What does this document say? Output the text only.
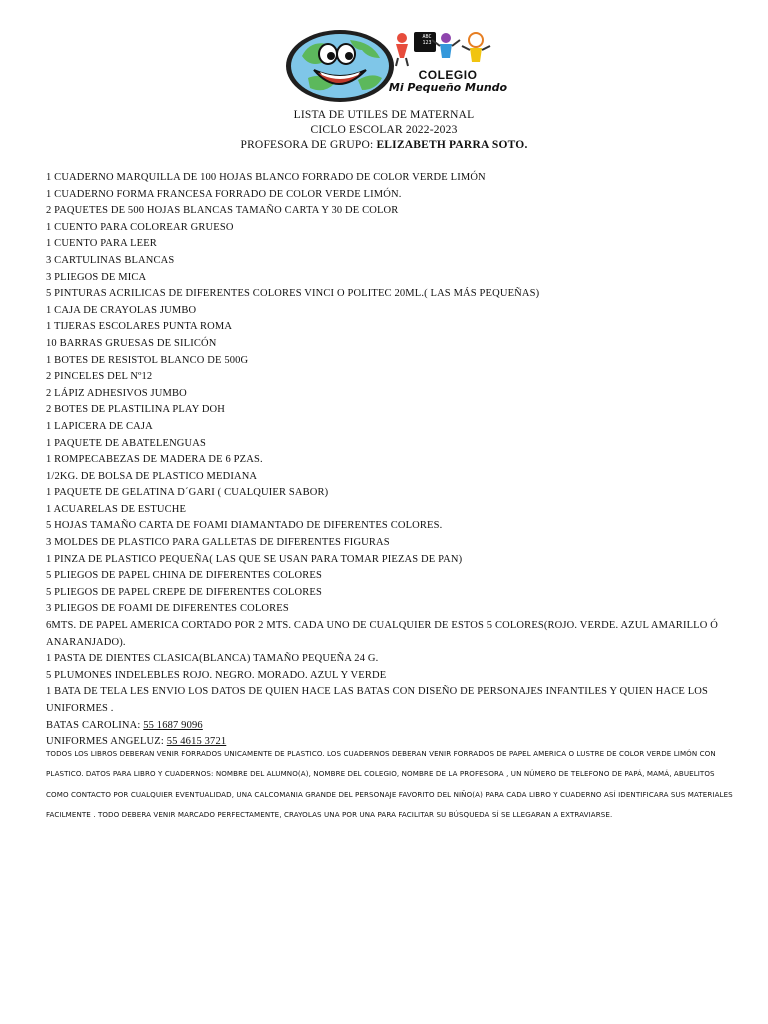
ABC 123
COLEGIO
Mi Pequeño Mundo
LISTA DE UTILES DE MATERNAL
CICLO ESCOLAR 2022-2023
PROFESORA DE GRUPO: ELIZABETH PARRA SOTO.
1 CUADERNO MARQUILLA DE 100 HOJAS BLANCO FORRADO DE COLOR VERDE LIMÓN
1 CUADERNO FORMA FRANCESA FORRADO DE COLOR VERDE LIMÓN.
2 PAQUETES DE 500 HOJAS BLANCAS TAMAÑO CARTA Y 30 DE COLOR
1 CUENTO PARA COLOREAR GRUESO
1 CUENTO PARA LEER
3 CARTULINAS BLANCAS
3 PLIEGOS DE MICA
5 PINTURAS ACRILICAS DE DIFERENTES COLORES VINCI O POLITEC 20ML.( LAS MÁS PEQUEÑAS)
1 CAJA DE CRAYOLAS JUMBO
1 TIJERAS ESCOLARES PUNTA ROMA
10 BARRAS GRUESAS DE SILICÓN
1 BOTES DE RESISTOL BLANCO DE 500G
2 PINCELES DEL Nº12
2 LÁPIZ ADHESIVOS JUMBO
2 BOTES DE PLASTILINA PLAY DOH
1 LAPICERA DE CAJA
1 PAQUETE DE ABATELENGUAS
1 ROMPECABEZAS DE MADERA DE 6 PZAS.
1/2KG. DE BOLSA DE PLASTICO MEDIANA
1 PAQUETE DE GELATINA D´GARI ( CUALQUIER SABOR)
1 ACUARELAS DE ESTUCHE
5 HOJAS TAMAÑO CARTA DE FOAMI DIAMANTADO DE DIFERENTES COLORES.
3 MOLDES DE PLASTICO PARA GALLETAS DE DIFERENTES FIGURAS
1 PINZA DE PLASTICO PEQUEÑA( LAS QUE SE USAN PARA TOMAR PIEZAS DE PAN)
5 PLIEGOS DE PAPEL CHINA DE DIFERENTES COLORES
5 PLIEGOS DE PAPEL CREPE DE DIFERENTES COLORES
3 PLIEGOS DE FOAMI DE DIFERENTES COLORES
6MTS. DE PAPEL AMERICA CORTADO POR 2 MTS. CADA UNO DE CUALQUIER DE ESTOS 5 COLORES(ROJO. VERDE. AZUL AMARILLO Ó ANARANJADO).
1 PASTA DE DIENTES CLASICA(BLANCA) TAMAÑO PEQUEÑA 24 G.
5 PLUMONES INDELEBLES ROJO. NEGRO. MORADO. AZUL Y VERDE
1 BATA DE TELA LES ENVIO LOS DATOS DE QUIEN HACE LAS BATAS CON DISEÑO DE PERSONAJES INFANTILES Y QUIEN HACE LOS UNIFORMES .
BATAS CAROLINA: 55 1687 9096
UNIFORMES ANGELUZ: 55 4615 3721
TODOS LOS LIBROS DEBERAN VENIR FORRADOS UNICAMENTE DE PLASTICO. LOS CUADERNOS DEBERAN VENIR FORRADOS DE PAPEL AMERICA O LUSTRE DE COLOR VERDE LIMÓN CON PLASTICO. DATOS PARA LIBRO Y CUADERNOS: NOMBRE DEL ALUMNO(A), NOMBRE DEL COLEGIO, NOMBRE DE LA PROFESORA , UN NÚMERO DE TELEFONO DE PAPÁ, MAMÁ, ABUELITOS COMO CONTACTO POR CUALQUIER EVENTUALIDAD, UNA CALCOMANIA GRANDE DEL PERSONAJE FAVORITO DEL NIÑO(A) PARA CADA LIBRO Y CUADERNO ASÍ IDENTIFICARA SUS MATERIALES FACILMENTE . TODO DEBERA VENIR MARCADO PERFECTAMENTE, CRAYOLAS UNA POR UNA PARA FACILITAR SU BÚSQUEDA SÍ SE LLEGARAN A EXTRAVIARSE.
